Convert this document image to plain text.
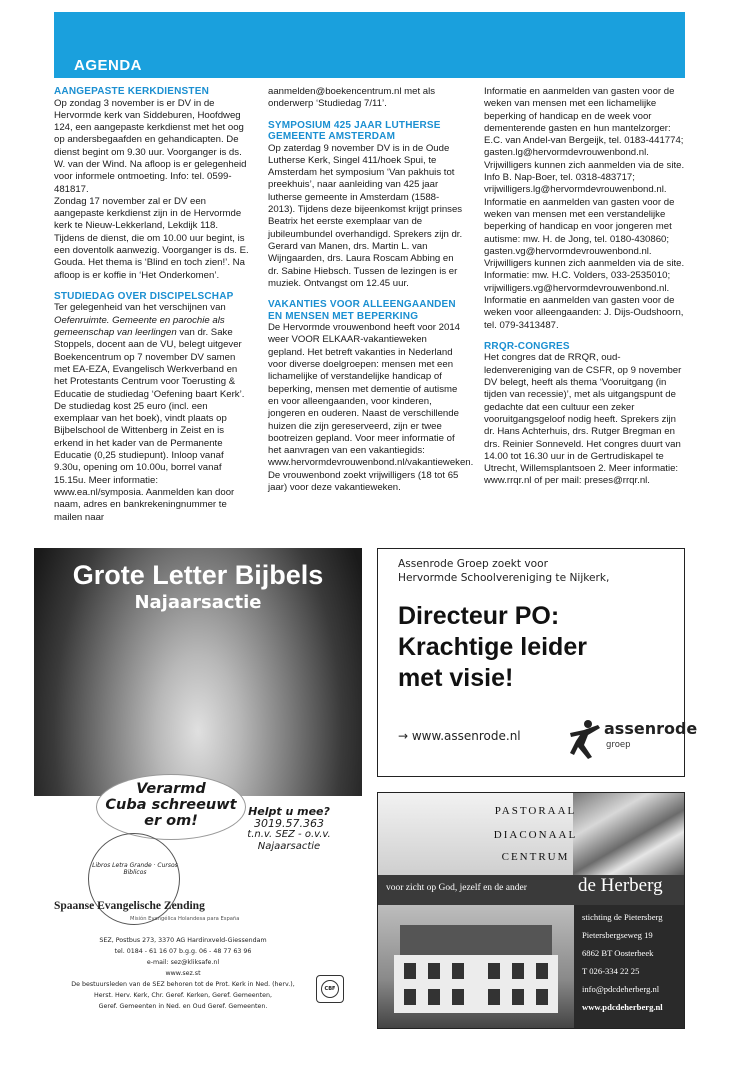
AGENDA

AANGEPASTE KERKDIENSTEN

Op zondag 3 november is er DV in de Hervormde kerk van Siddeburen, Hoofdweg 124, een aangepaste kerkdienst met het oog op andersbegaafden en gehandicapten. De dienst begint om 9.30 uur. Voorganger is ds. W. van der Wind. Na afloop is er gelegenheid voor informele ontmoeting. Info: tel. 0599-481817.

Zondag 17 november zal er DV een aangepaste kerkdienst zijn in de Hervormde kerk te Nieuw-Lekkerland, Lekdijk 118. Tijdens de dienst, die om 10.00 uur begint, is een doventolk aanwezig. Voorganger is ds. E. Gouda. Het thema is ‘Blind en toch zien!’. Na afloop is er koffie in ‘Het Onderkomen’.

STUDIEDAG OVER DISCIPELSCHAP

Ter gelegenheid van het verschijnen van Oefenruimte. Gemeente en parochie als gemeenschap van leerlingen van dr. Sake Stoppels, docent aan de VU, belegt uitgever Boekencentrum op 7 november DV samen met EA-EZA, Evangelisch Werkverband en het Protestants Centrum voor Toerusting & Educatie de studiedag ‘Oefening baart Kerk’. De studiedag kost 25 euro (incl. een exemplaar van het boek), vindt plaats op Bijbelschool de Wittenberg in Zeist en is erkend in het kader van de Permanente Educatie (0,25 studiepunt). Inloop vanaf 9.30u, opening om 10.00u, borrel vanaf 15.15u. Meer informatie: www.ea.nl/symposia. Aanmelden kan door naam, adres en bankrekeningnummer te mailen naar

aanmelden@boekencentrum.nl met als onderwerp ‘Studiedag 7/11’.

SYMPOSIUM 425 JAAR LUTHERSE GEMEENTE AMSTERDAM

Op zaterdag 9 november DV is in de Oude Lutherse Kerk, Singel 411/hoek Spui, te Amsterdam het symposium ‘Van pakhuis tot preekhuis’, naar aanleiding van 425 jaar lutherse gemeente in Amsterdam (1588-2013). Tijdens deze bijeenkomst krijgt prinses Beatrix het eerste exemplaar van de jubileumbundel overhandigd. Sprekers zijn dr. Gerard van Manen, drs. Martin L. van Wijngaarden, drs. Laura Roscam Abbing en dr. Sabine Hiebsch. Tussen de lezingen is er muziek. Ontvangst om 12.45 uur.

VAKANTIES VOOR ALLEENGAANDEN EN MENSEN MET BEPERKING

De Hervormde vrouwenbond heeft voor 2014 weer VOOR ELKAAR-vakantieweken gepland. Het betreft vakanties in Nederland voor diverse doelgroepen: mensen met een lichamelijke of verstandelijke handicap of beperking, mensen met dementie of autisme en voor alleengaanden, voor kinderen, jongeren en ouderen. Naast de verschillende huizen die zijn gereserveerd, zijn er twee bootreizen gepland. Voor meer informatie of het aanvragen van een vakantiegids: www.hervormdevrouwenbond.nl/vakantieweken.

De vrouwenbond zoekt vrijwilligers (18 tot 65 jaar) voor deze vakantieweken.

Informatie en aanmelden van gasten voor de weken van mensen met een lichamelijke beperking of handicap en de week voor dementerende gasten en hun mantelzorger: E.C. van Andel-van Bergeijk, tel. 0183-441774; gasten.lg@hervormdevrouwenbond.nl. Vrijwilligers kunnen zich aanmelden via de site. Info B. Nap-Boer, tel. 0318-483717; vrijwilligers.lg@hervormdevrouwenbond.nl.

Informatie en aanmelden van gasten voor de weken van mensen met een verstandelijke beperking of handicap en voor jongeren met autisme: mw. H. de Jong, tel. 0180-430860; gasten.vg@hervormdevrouwenbond.nl. Vrijwilligers kunnen zich aanmelden via de site. Informatie: mw. H.C. Volders, 033-2535010; vrijwilligers.vg@hervormdevrouwenbond.nl.

Informatie en aanmelden van gasten voor de weken voor alleengaanden: J. Dijs-Oudshoorn, tel. 079-3413487.

RRQR-CONGRES

Het congres dat de RRQR, oud-ledenvereniging van de CSFR, op 9 november DV belegt, heeft als thema ‘Vooruitgang (in tijden van recessie)’, met als uitgangspunt de gedachte dat een cultuur een zeker vooruitgangsgeloof nodig heeft. Sprekers zijn dr. Hans Achterhuis, drs. Rutger Bregman en drs. Reinier Sonneveld. Het congres duurt van 14.00 tot 16.30 uur in de Gertrudiskapel te Utrecht, Willemsplantsoen 2. Meer informatie: www.rrqr.nl of per mail: preses@rrqr.nl.

Grote Letter Bijbels
Najaarsactie
Verarmd
Cuba schreeuwt
er om!
Helpt u mee?
3019.57.363
t.n.v. SEZ - o.v.v.
Najaarsactie
Libros Letra Grande · Cursos Biblicos
Spaanse Evangelische Zending
Misión Evangélica Holandesa para España
SEZ, Postbus 273, 3370 AG Hardinxveld-Giessendam
tel. 0184 - 61 16 07 b.g.g. 06 - 48 77 63 96
e-mail: sez@kliksafe.nl
www.sez.st
De bestuursleden van de SEZ behoren tot de Prot. Kerk in Ned. (herv.),
Herst. Herv. Kerk, Chr. Geref. Kerken, Geref. Gemeenten,
Geref. Gemeenten in Ned. en Oud Geref. Gemeenten.
CBF
Assenrode Groep zoekt voor
Hervormde Schoolvereniging te Nijkerk,
Directeur PO:
Krachtige leider
met visie!
→ www.assenrode.nl	assenrode
groep
PASTORAAL
DIACONAAL
CENTRUM
voor zicht op God, jezelf en de ander	de Herberg
stichting de Pietersberg
Pietersbergseweg 19
6862 BT Oosterbeek
T 026-334 22 25
info@pdcdeherberg.nl
www.pdcdeherberg.nl
